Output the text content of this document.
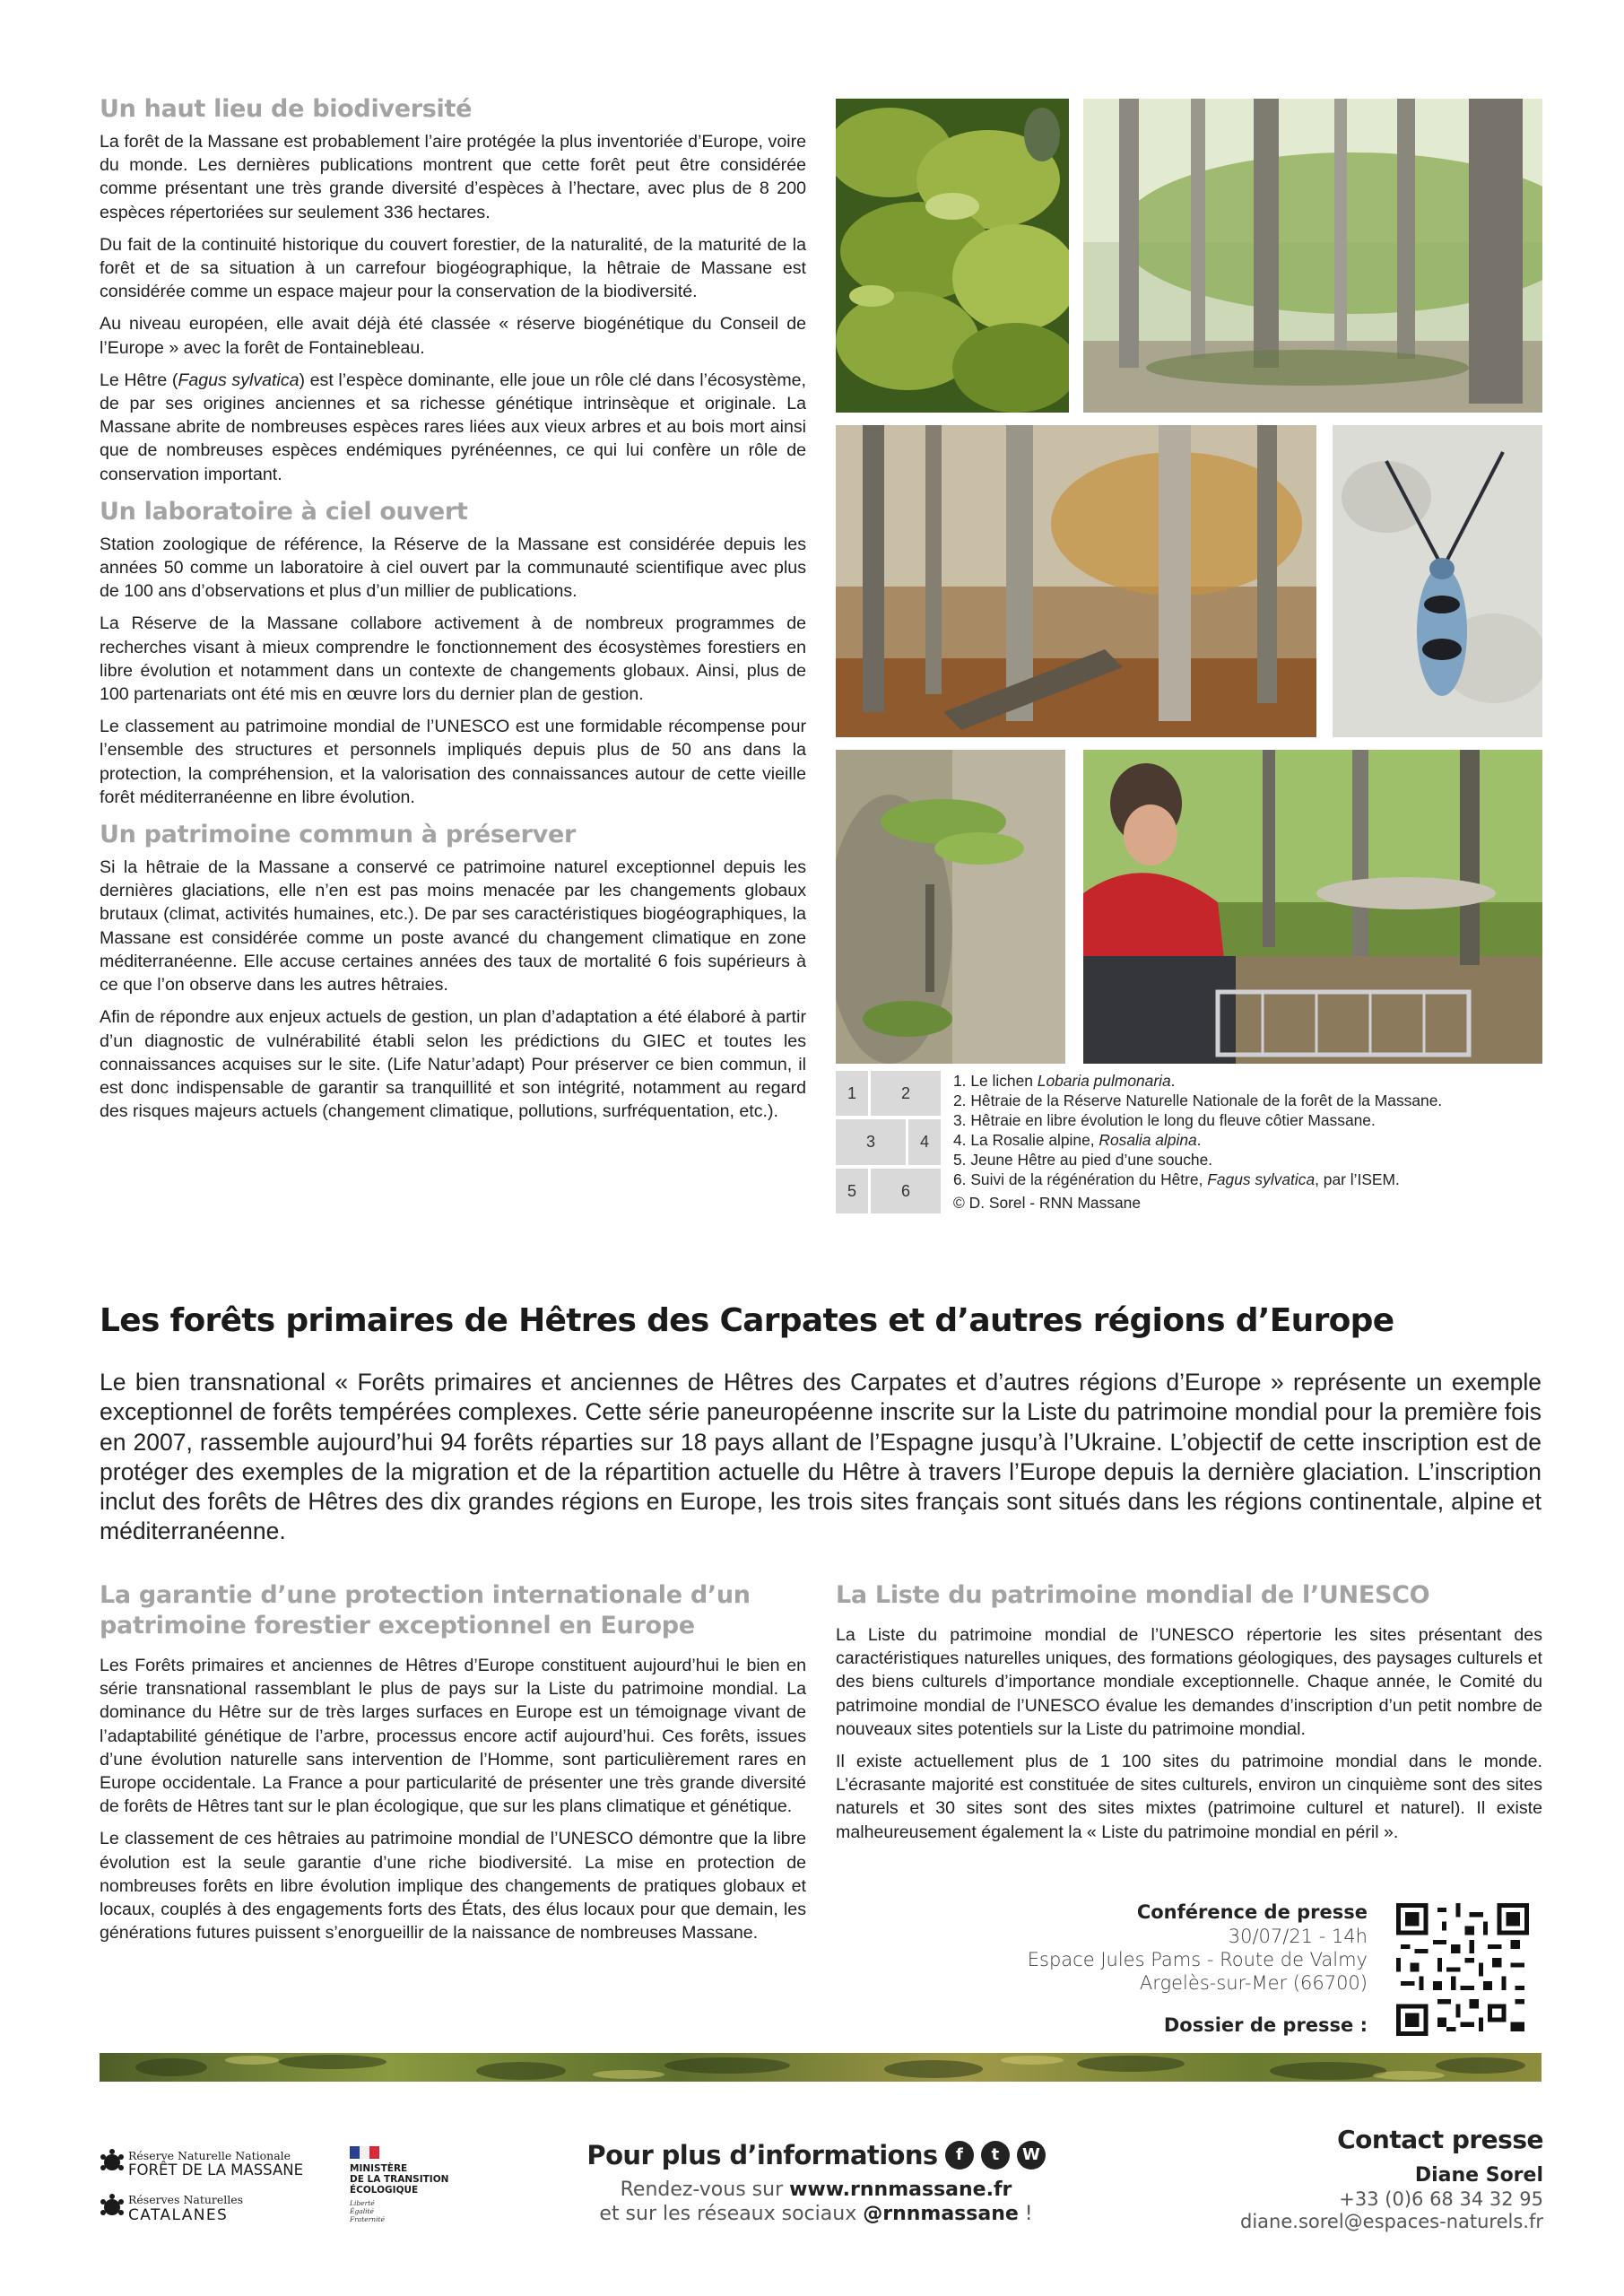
Un haut lieu de biodiversité

La forêt de la Massane est probablement l’aire protégée la plus inventoriée d’Europe, voire du monde. Les dernières publications montrent que cette forêt peut être considérée comme présentant une très grande diversité d’espèces à l’hectare, avec plus de 8 200 espèces répertoriées sur seulement 336 hectares.

Du fait de la continuité historique du couvert forestier, de la naturalité, de la maturité de la forêt et de sa situation à un carrefour biogéographique, la hêtraie de Massane est considérée comme un espace majeur pour la conservation de la biodiversité.

Au niveau européen, elle avait déjà été classée « réserve biogénétique du Conseil de l’Europe » avec la forêt de Fontainebleau.

Le Hêtre (Fagus sylvatica) est l’espèce dominante, elle joue un rôle clé dans l’écosystème, de par ses origines anciennes et sa richesse génétique intrinsèque et originale. La Massane abrite de nombreuses espèces rares liées aux vieux arbres et au bois mort ainsi que de nombreuses espèces endémiques pyrénéennes, ce qui lui confère un rôle de conservation important.

Un laboratoire à ciel ouvert

Station zoologique de référence, la Réserve de la Massane est considérée depuis les années 50 comme un laboratoire à ciel ouvert par la communauté scientifique avec plus de 100 ans d’observations et plus d’un millier de publications.

La Réserve de la Massane collabore activement à de nombreux programmes de recherches visant à mieux comprendre le fonctionnement des écosystèmes forestiers en libre évolution et notamment dans un contexte de changements globaux. Ainsi, plus de 100 partenariats ont été mis en œuvre lors du dernier plan de gestion.

Le classement au patrimoine mondial de l’UNESCO est une formidable récompense pour l’ensemble des structures et personnels impliqués depuis plus de 50 ans dans la protection, la compréhension, et la valorisation des connaissances autour de cette vieille forêt méditerranéenne en libre évolution.

Un patrimoine commun à préserver

Si la hêtraie de la Massane a conservé ce patrimoine naturel exceptionnel depuis les dernières glaciations, elle n’en est pas moins menacée par les changements globaux brutaux (climat, activités humaines, etc.). De par ses caractéristiques biogéographiques, la Massane est considérée comme un poste avancé du changement climatique en zone méditerranéenne. Elle accuse certaines années des taux de mortalité 6 fois supérieurs à ce que l’on observe dans les autres hêtraies.

Afin de répondre aux enjeux actuels de gestion, un plan d’adaptation a été élaboré à partir d’un diagnostic de vulnérabilité établi selon les prédictions du GIEC et toutes les connaissances acquises sur le site. (Life Natur’adapt) Pour préserver ce bien commun, il est donc indispensable de garantir sa tranquillité et son intégrité, notamment au regard des risques majeurs actuels (changement climatique, pollutions, surfréquentation, etc.).

1	2
3	4
5	6
1. Le lichen Lobaria pulmonaria.
2. Hêtraie de la Réserve Naturelle Nationale de la forêt de la Massane.
3. Hêtraie en libre évolution le long du fleuve côtier Massane.
4. La Rosalie alpine, Rosalia alpina.
5. Jeune Hêtre au pied d’une souche.
6. Suivi de la régénération du Hêtre, Fagus sylvatica, par l’ISEM.
© D. Sorel - RNN Massane
Les forêts primaires de Hêtres des Carpates et d’autres régions d’Europe

Le bien transnational « Forêts primaires et anciennes de Hêtres des Carpates et d’autres régions d’Europe » représente un exemple exceptionnel de forêts tempérées complexes. Cette série paneuropéenne inscrite sur la Liste du patrimoine mondial pour la première fois en 2007, rassemble aujourd’hui 94 forêts réparties sur 18 pays allant de l’Espagne jusqu’à l’Ukraine. L’objectif de cette inscription est de protéger des exemples de la migration et de la répartition actuelle du Hêtre à travers l’Europe depuis la dernière glaciation. L’inscription inclut des forêts de Hêtres des dix grandes régions en Europe, les trois sites français sont situés dans les régions continentale, alpine et méditerranéenne.

La garantie d’une protection internationale d’un patrimoine forestier exceptionnel en Europe

Les Forêts primaires et anciennes de Hêtres d’Europe constituent aujourd’hui le bien en série transnational rassemblant le plus de pays sur la Liste du patrimoine mondial. La dominance du Hêtre sur de très larges surfaces en Europe est un témoignage vivant de l’adaptabilité génétique de l’arbre, processus encore actif aujourd’hui. Ces forêts, issues d’une évolution naturelle sans intervention de l’Homme, sont particulièrement rares en Europe occidentale. La France a pour particularité de présenter une très grande diversité de forêts de Hêtres tant sur le plan écologique, que sur les plans climatique et génétique.

Le classement de ces hêtraies au patrimoine mondial de l’UNESCO démontre que la libre évolution est la seule garantie d’une riche biodiversité. La mise en protection de nombreuses forêts en libre évolution implique des changements de pratiques globaux et locaux, couplés à des engagements forts des États, des élus locaux pour que demain, les générations futures puissent s’enorgueillir de la naissance de nombreuses Massane.

La Liste du patrimoine mondial de l’UNESCO

La Liste du patrimoine mondial de l’UNESCO répertorie les sites présentant des caractéristiques naturelles uniques, des formations géologiques, des paysages culturels et des biens culturels d’importance mondiale exceptionnelle. Chaque année, le Comité du patrimoine mondial de l’UNESCO évalue les demandes d’inscription d’un petit nombre de nouveaux sites potentiels sur la Liste du patrimoine mondial.

Il existe actuellement plus de 1 100 sites du patrimoine mondial dans le monde. L’écrasante majorité est constituée de sites culturels, environ un cinquième sont des sites naturels et 30 sites sont des sites mixtes (patrimoine culturel et naturel). Il existe malheureusement également la « Liste du patrimoine mondial en péril ».

Conférence de presse
30/07/21 - 14h
Espace Jules Pams - Route de Valmy
Argelès-sur-Mer (66700)
Dossier de presse :
Réserve Naturelle Nationale
FORÊT DE LA MASSANE
Réserves Naturelles
CATALANES
MINISTÈRE
DE LA TRANSITION
ÉCOLOGIQUE
Liberté
Égalité
Fraternité
Pour plus d’informations	f	t	W
Rendez-vous sur www.rnnmassane.fr
et sur les réseaux sociaux @rnnmassane !
Contact presse
Diane Sorel
+33 (0)6 68 34 32 95
diane.sorel@espaces-naturels.fr
